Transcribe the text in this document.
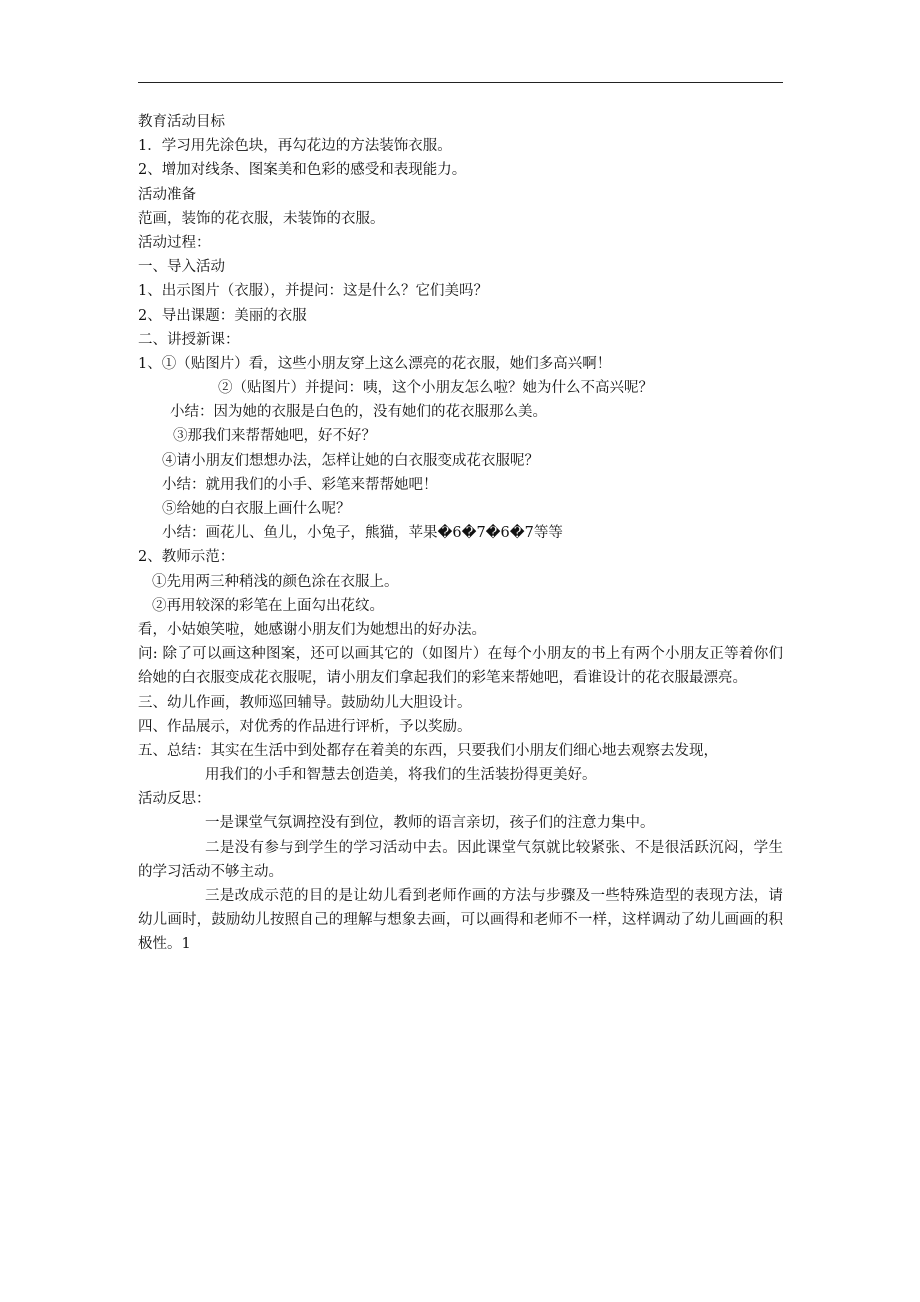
教育活动目标
1．学习用先涂色块，再勾花边的方法装饰衣服。
2、增加对线条、图案美和色彩的感受和表现能力。
活动准备
范画，装饰的花衣服，未装饰的衣服。
活动过程：
一、导入活动
1、出示图片（衣服），并提问：这是什么？它们美吗？
2、导出课题：美丽的衣服
二、讲授新课：
1、①（贴图片）看，这些小朋友穿上这么漂亮的花衣服，她们多高兴啊！
②（贴图片）并提问：咦，这个小朋友怎么啦？她为什么不高兴呢？
小结：因为她的衣服是白色的，没有她们的花衣服那么美。
③那我们来帮帮她吧，好不好？
④请小朋友们想想办法，怎样让她的白衣服变成花衣服呢？
小结：就用我们的小手、彩笔来帮帮她吧！
⑤给她的白衣服上画什么呢？
小结：画花儿、鱼儿，小兔子，熊猫，苹果�6�7�6�7等等
2、教师示范：
①先用两三种稍浅的颜色涂在衣服上。
②再用较深的彩笔在上面勾出花纹。
看，小姑娘笑啦，她感谢小朋友们为她想出的好办法。
问: 除了可以画这种图案，还可以画其它的（如图片）在每个小朋友的书上有两个小朋友正等着你们给她的白衣服变成花衣服呢，请小朋友们拿起我们的彩笔来帮她吧，看谁设计的花衣服最漂亮。
三、幼儿作画，教师巡回辅导。鼓励幼儿大胆设计。
四、作品展示，对优秀的作品进行评析，予以奖励。
五、总结：其实在生活中到处都存在着美的东西，只要我们小朋友们细心地去观察去发现，
用我们的小手和智慧去创造美，将我们的生活装扮得更美好。
活动反思：
一是课堂气氛调控没有到位，教师的语言亲切，孩子们的注意力集中。
二是没有参与到学生的学习活动中去。因此课堂气氛就比较紧张、不是很活跃沉闷，学生的学习活动不够主动。
三是改成示范的目的是让幼儿看到老师作画的方法与步骤及一些特殊造型的表现方法，请幼儿画时，鼓励幼儿按照自己的理解与想象去画，可以画得和老师不一样，这样调动了幼儿画画的积极性。1
